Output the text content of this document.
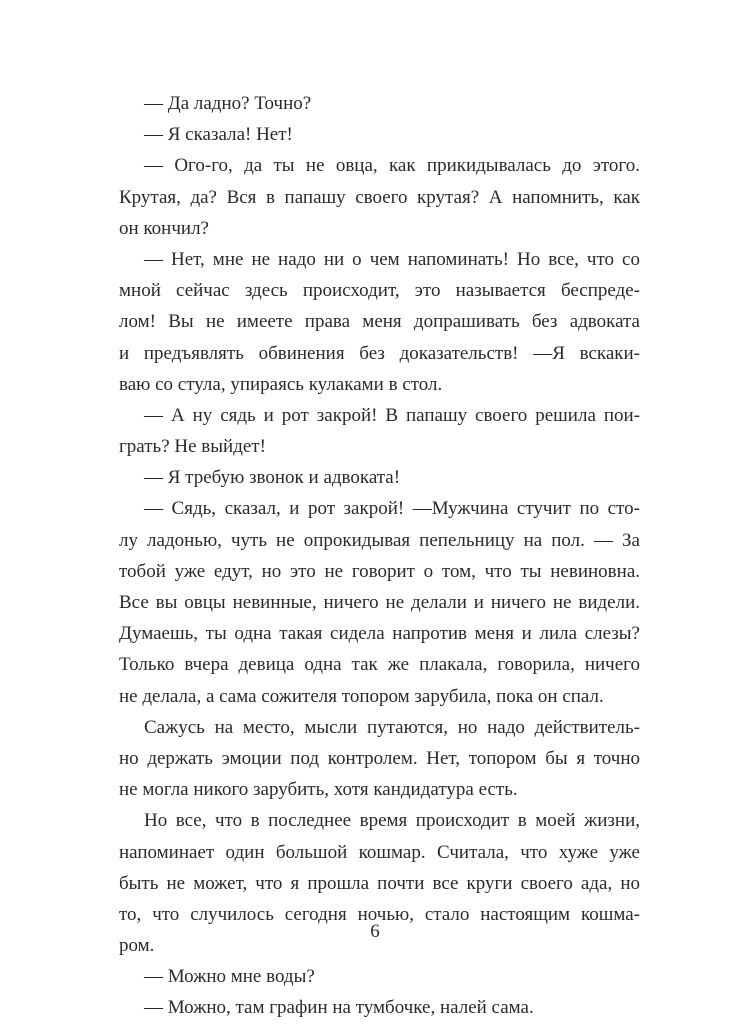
— Да ладно? Точно?
— Я сказала! Нет!
— Ого-го, да ты не овца, как прикидывалась до этого.
Крутая, да? Вся в папашу своего крутая? А напомнить, как
он кончил?
— Нет, мне не надо ни о чем напоминать! Но все, что со
мной сейчас здесь происходит, это называется беспреде-
лом! Вы не имеете права меня допрашивать без адвоката
и предъявлять обвинения без доказательств! —Я вскаки-
ваю со стула, упираясь кулаками в стол.
— А ну сядь и рот закрой! В папашу своего решила пои-
грать? Не выйдет!
— Я требую звонок и адвоката!
— Сядь, сказал, и рот закрой! —Мужчина стучит по сто-
лу ладонью, чуть не опрокидывая пепельницу на пол. — За
тобой уже едут, но это не говорит о том, что ты невиновна.
Все вы овцы невинные, ничего не делали и ничего не видели.
Думаешь, ты одна такая сидела напротив меня и лила слезы?
Только вчера девица одна так же плакала, говорила, ничего
не делала, а сама сожителя топором зарубила, пока он спал.
Сажусь на место, мысли путаются, но надо действитель-
но держать эмоции под контролем. Нет, топором бы я точно
не могла никого зарубить, хотя кандидатура есть.
Но все, что в последнее время происходит в моей жизни,
напоминает один большой кошмар. Считала, что хуже уже
быть не может, что я прошла почти все круги своего ада, но
то, что случилось сегодня ночью, стало настоящим кошма-
ром.
— Можно мне воды?
— Можно, там графин на тумбочке, налей сама.
6
